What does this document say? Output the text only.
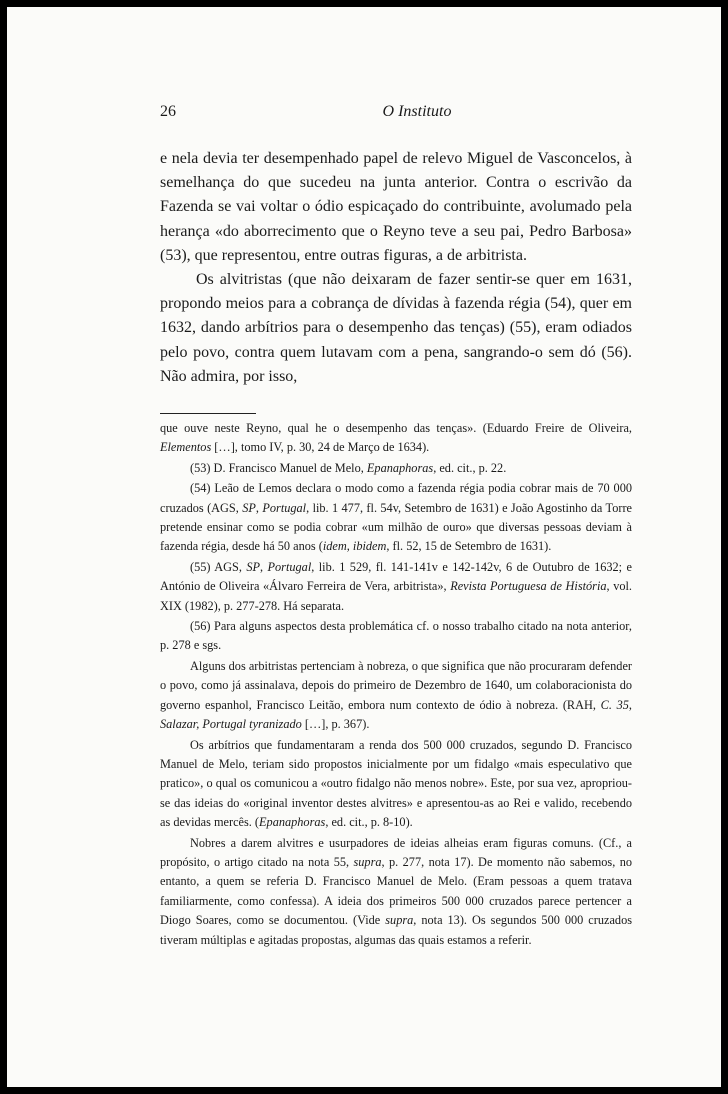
26	O Instituto

e nela devia ter desempenhado papel de relevo Miguel de Vasconcelos, à semelhança do que sucedeu na junta anterior. Contra o escrivão da Fazenda se vai voltar o ódio espicaçado do contribuinte, avolumado pela herança «do aborrecimento que o Reyno teve a seu pai, Pedro Barbosa» (53), que representou, entre outras figuras, a de arbitrista.

Os alvitristas (que não deixaram de fazer sentir-se quer em 1631, propondo meios para a cobrança de dívidas à fazenda régia (54), quer em 1632, dando arbítrios para o desempenho das tenças) (55), eram odiados pelo povo, contra quem lutavam com a pena, sangrando-o sem dó (56). Não admira, por isso,

que ouve neste Reyno, qual he o desempenho das tenças». (Eduardo Freire de Oliveira, Elementos […], tomo IV, p. 30, 24 de Março de 1634).

(53) D. Francisco Manuel de Melo, Epanaphoras, ed. cit., p. 22.

(54) Leão de Lemos declara o modo como a fazenda régia podia cobrar mais de 70 000 cruzados (AGS, SP, Portugal, lib. 1 477, fl. 54v, Setembro de 1631) e João Agostinho da Torre pretende ensinar como se podia cobrar «um milhão de ouro» que diversas pessoas deviam à fazenda régia, desde há 50 anos (idem, ibidem, fl. 52, 15 de Setembro de 1631).

(55) AGS, SP, Portugal, lib. 1 529, fl. 141-141v e 142-142v, 6 de Outubro de 1632; e António de Oliveira «Álvaro Ferreira de Vera, arbitrista», Revista Portuguesa de História, vol. XIX (1982), p. 277-278. Há separata.

(56) Para alguns aspectos desta problemática cf. o nosso trabalho citado na nota anterior, p. 278 e sgs.

Alguns dos arbitristas pertenciam à nobreza, o que significa que não procuraram defender o povo, como já assinalava, depois do primeiro de Dezembro de 1640, um colaboracionista do governo espanhol, Francisco Leitão, embora num contexto de ódio à nobreza. (RAH, C. 35, Salazar, Portugal tyranizado […], p. 367).

Os arbítrios que fundamentaram a renda dos 500 000 cruzados, segundo D. Francisco Manuel de Melo, teriam sido propostos inicialmente por um fidalgo «mais especulativo que pratico», o qual os comunicou a «outro fidalgo não menos nobre». Este, por sua vez, apropriou-se das ideias do «original inventor destes alvitres» e apresentou-as ao Rei e valido, recebendo as devidas mercês. (Epanaphoras, ed. cit., p. 8-10).

Nobres a darem alvitres e usurpadores de ideias alheias eram figuras comuns. (Cf., a propósito, o artigo citado na nota 55, supra, p. 277, nota 17). De momento não sabemos, no entanto, a quem se referia D. Francisco Manuel de Melo. (Eram pessoas a quem tratava familiarmente, como confessa). A ideia dos primeiros 500 000 cruzados parece pertencer a Diogo Soares, como se documentou. (Vide supra, nota 13). Os segundos 500 000 cruzados tiveram múltiplas e agitadas propostas, algumas das quais estamos a referir.
